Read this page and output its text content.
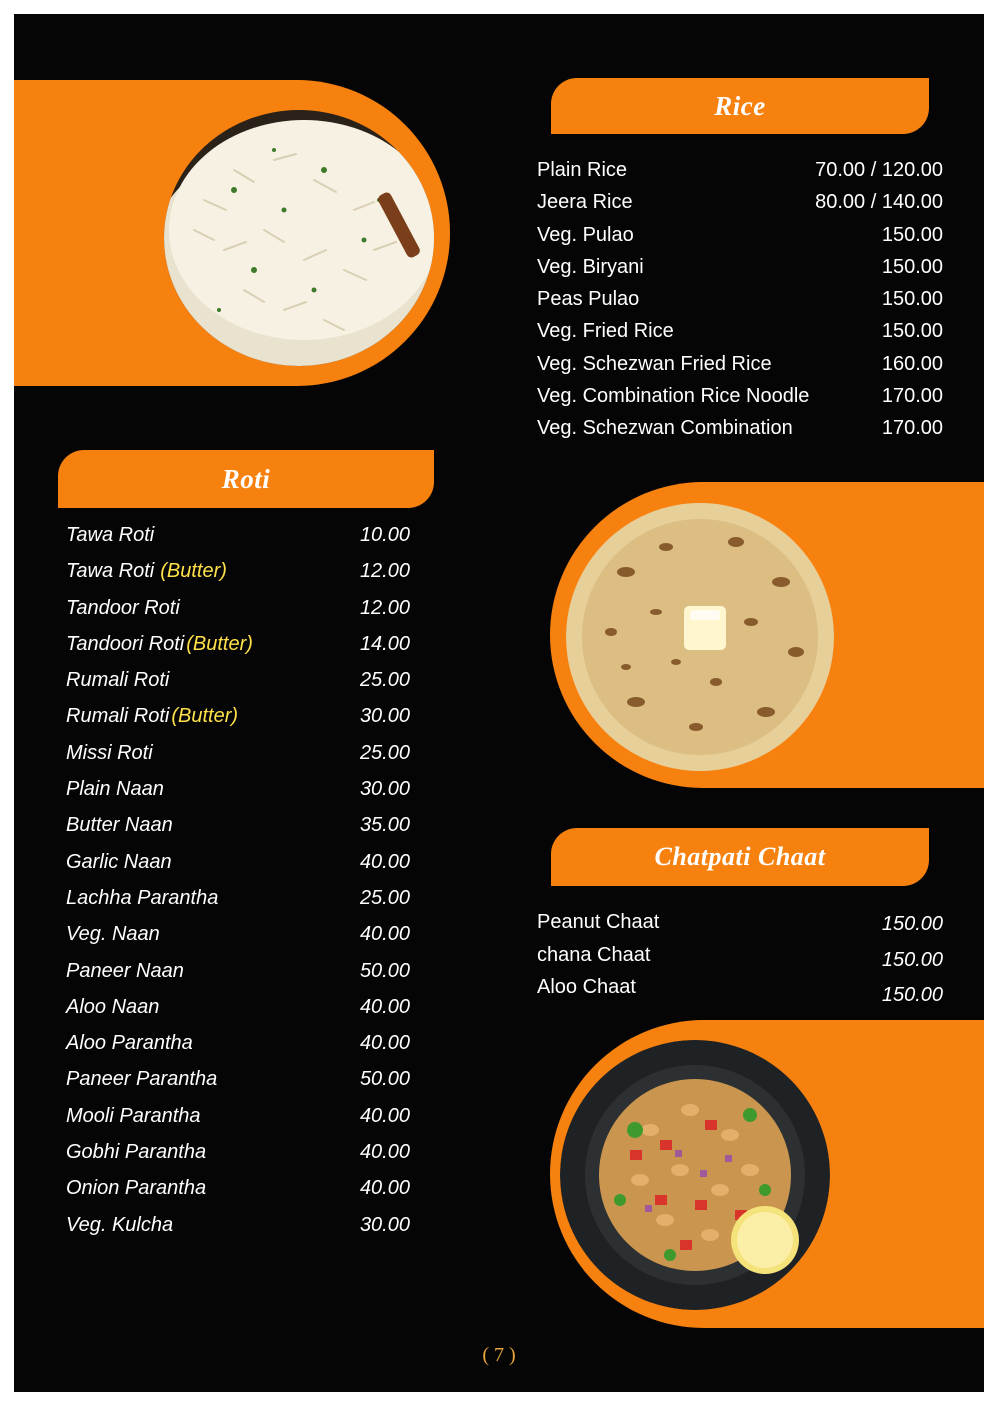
Rice
Plain Rice	70.00 / 120.00
Jeera Rice	80.00 / 140.00
Veg. Pulao	150.00
Veg. Biryani	150.00
Peas Pulao	150.00
Veg. Fried Rice	150.00
Veg. Schezwan Fried Rice	160.00
Veg. Combination Rice Noodle	170.00
Veg. Schezwan Combination	170.00
Roti
Tawa Roti	10.00
Tawa Roti (Butter)	12.00
Tandoor Roti	12.00
Tandoori Roti (Butter)	14.00
Rumali Roti	25.00
Rumali Roti (Butter)	30.00
Missi Roti	25.00
Plain Naan	30.00
Butter Naan	35.00
Garlic Naan	40.00
Lachha Parantha	25.00
Veg. Naan	40.00
Paneer Naan	50.00
Aloo Naan	40.00
Aloo Parantha	40.00
Paneer Parantha	50.00
Mooli Parantha	40.00
Gobhi Parantha	40.00
Onion Parantha	40.00
Veg. Kulcha	30.00
Chatpati Chaat
Peanut Chaat	150.00
chana Chaat	150.00
Aloo Chaat	150.00
( 7 )
